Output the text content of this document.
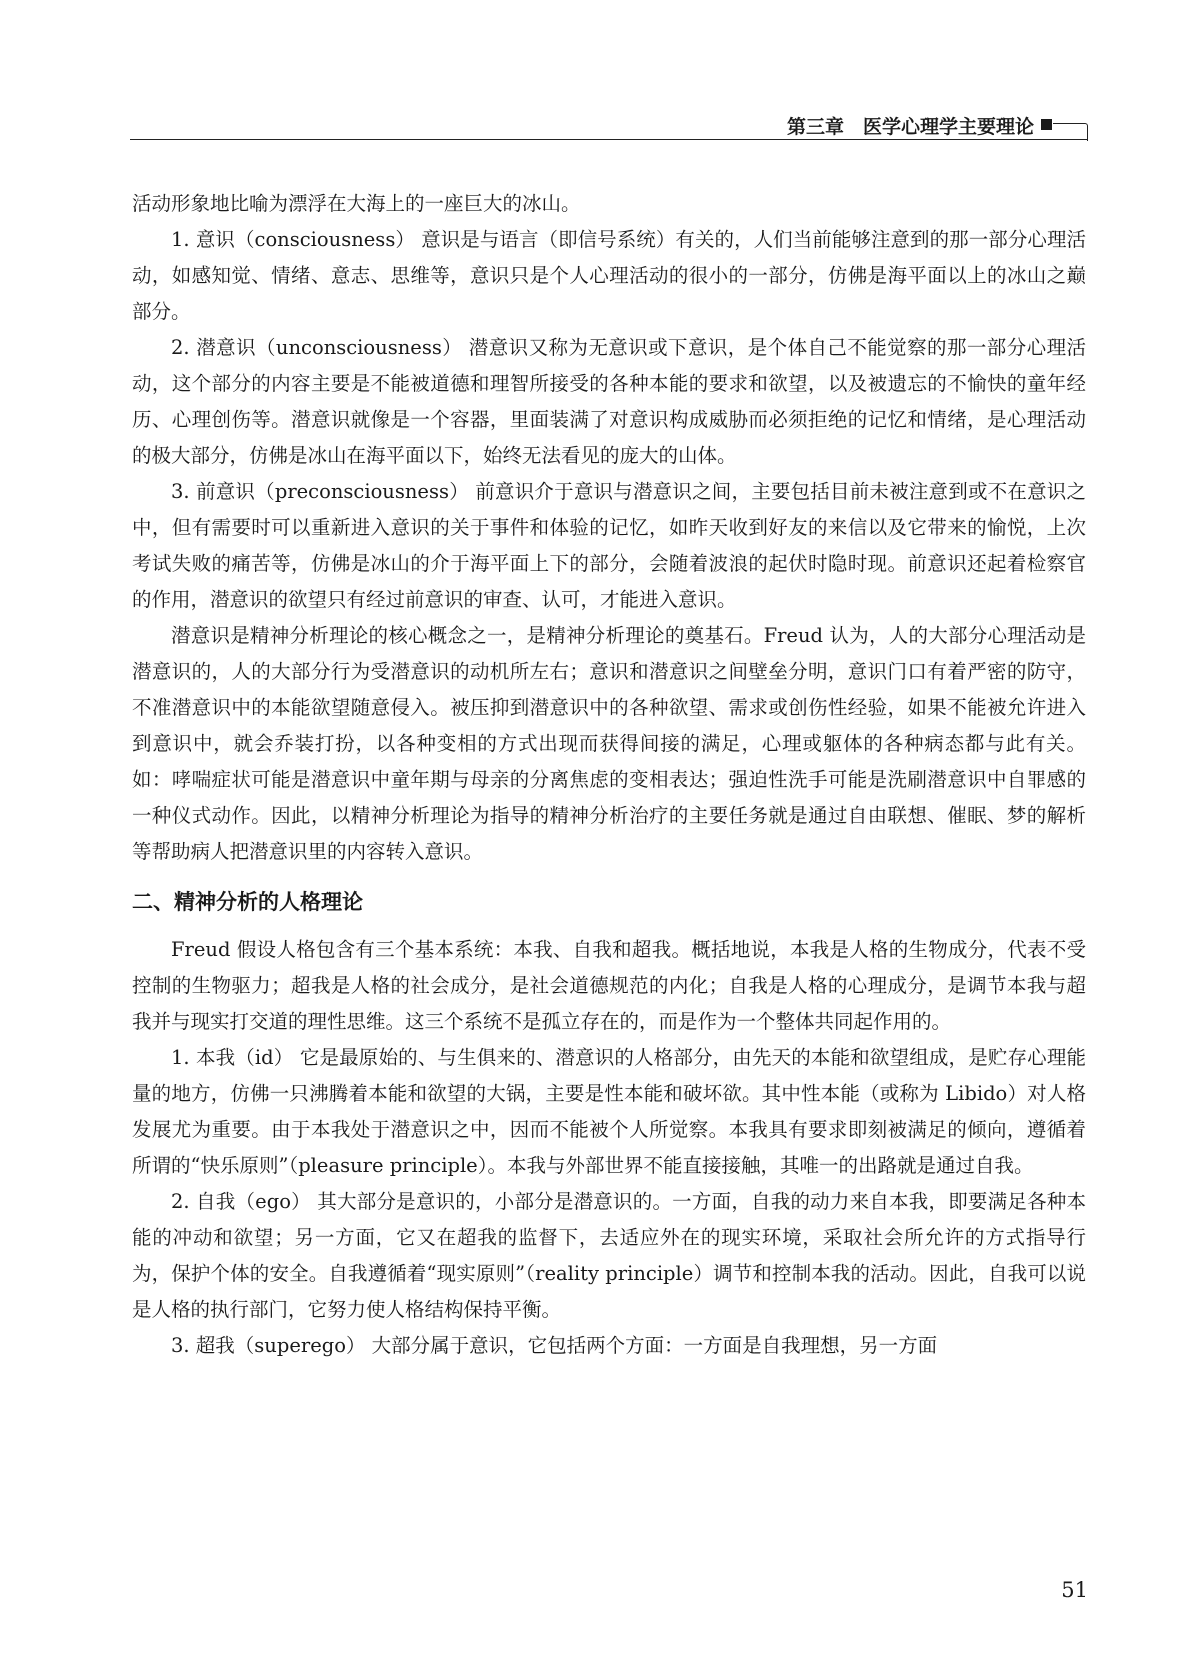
第三章　医学心理学主要理论

活动形象地比喻为漂浮在大海上的一座巨大的冰山。

1. 意识（consciousness） 意识是与语言（即信号系统）有关的，人们当前能够注意到的那一部分心理活动，如感知觉、情绪、意志、思维等，意识只是个人心理活动的很小的一部分，仿佛是海平面以上的冰山之巅部分。

2. 潜意识（unconsciousness） 潜意识又称为无意识或下意识，是个体自己不能觉察的那一部分心理活动，这个部分的内容主要是不能被道德和理智所接受的各种本能的要求和欲望，以及被遗忘的不愉快的童年经历、心理创伤等。潜意识就像是一个容器，里面装满了对意识构成威胁而必须拒绝的记忆和情绪，是心理活动的极大部分，仿佛是冰山在海平面以下，始终无法看见的庞大的山体。

3. 前意识（preconsciousness） 前意识介于意识与潜意识之间，主要包括目前未被注意到或不在意识之中，但有需要时可以重新进入意识的关于事件和体验的记忆，如昨天收到好友的来信以及它带来的愉悦，上次考试失败的痛苦等，仿佛是冰山的介于海平面上下的部分，会随着波浪的起伏时隐时现。前意识还起着检察官的作用，潜意识的欲望只有经过前意识的审查、认可，才能进入意识。

潜意识是精神分析理论的核心概念之一，是精神分析理论的奠基石。Freud 认为，人的大部分心理活动是潜意识的，人的大部分行为受潜意识的动机所左右；意识和潜意识之间壁垒分明，意识门口有着严密的防守，不准潜意识中的本能欲望随意侵入。被压抑到潜意识中的各种欲望、需求或创伤性经验，如果不能被允许进入到意识中，就会乔装打扮，以各种变相的方式出现而获得间接的满足，心理或躯体的各种病态都与此有关。如：哮喘症状可能是潜意识中童年期与母亲的分离焦虑的变相表达；强迫性洗手可能是洗刷潜意识中自罪感的一种仪式动作。因此，以精神分析理论为指导的精神分析治疗的主要任务就是通过自由联想、催眠、梦的解析等帮助病人把潜意识里的内容转入意识。

二、精神分析的人格理论

Freud 假设人格包含有三个基本系统：本我、自我和超我。概括地说，本我是人格的生物成分，代表不受控制的生物驱力；超我是人格的社会成分，是社会道德规范的内化；自我是人格的心理成分，是调节本我与超我并与现实打交道的理性思维。这三个系统不是孤立存在的，而是作为一个整体共同起作用的。

1. 本我（id） 它是最原始的、与生俱来的、潜意识的人格部分，由先天的本能和欲望组成，是贮存心理能量的地方，仿佛一只沸腾着本能和欲望的大锅，主要是性本能和破坏欲。其中性本能（或称为 Libido）对人格发展尤为重要。由于本我处于潜意识之中，因而不能被个人所觉察。本我具有要求即刻被满足的倾向，遵循着所谓的“快乐原则”（pleasure principle）。本我与外部世界不能直接接触，其唯一的出路就是通过自我。

2. 自我（ego） 其大部分是意识的，小部分是潜意识的。一方面，自我的动力来自本我，即要满足各种本能的冲动和欲望；另一方面，它又在超我的监督下，去适应外在的现实环境，采取社会所允许的方式指导行为，保护个体的安全。自我遵循着“现实原则”（reality principle）调节和控制本我的活动。因此，自我可以说是人格的执行部门，它努力使人格结构保持平衡。

3. 超我（superego） 大部分属于意识，它包括两个方面：一方面是自我理想，另一方面

51
